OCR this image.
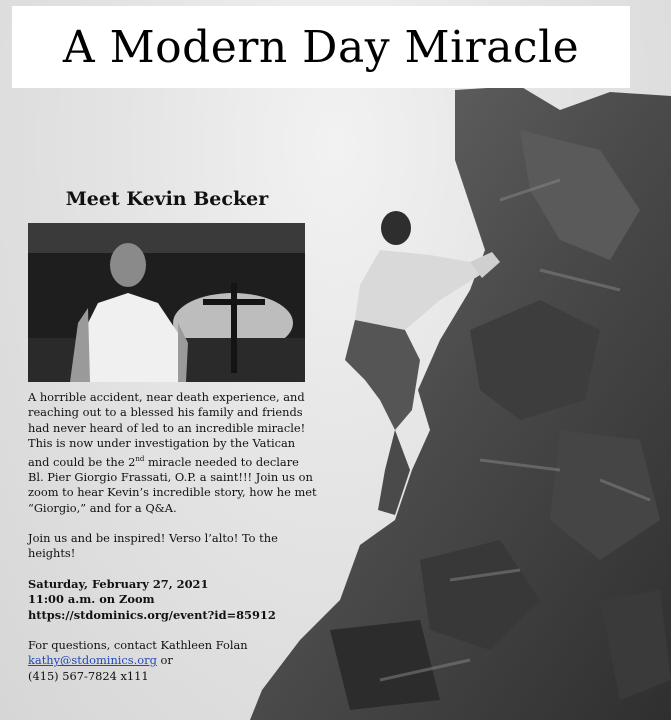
A Modern Day Miracle
Meet Kevin Becker

A horrible accident, near death experience, and reaching out to a blessed his family and friends had never heard of led to an incredible miracle! This is now under investigation by the Vatican and could be the 2nd miracle needed to declare Bl. Pier Giorgio Frassati, O.P. a saint!!! Join us on zoom to hear Kevin’s incredible story, how he met “Giorgio,” and for a Q&A.

Join us and be inspired! Verso l’alto! To the heights!

Saturday, February 27, 2021

11:00 a.m. on Zoom

https://stdominics.org/event?id=85912

For questions, contact Kathleen Folan

kathy@stdominics.org or

(415) 567-7824 x111
